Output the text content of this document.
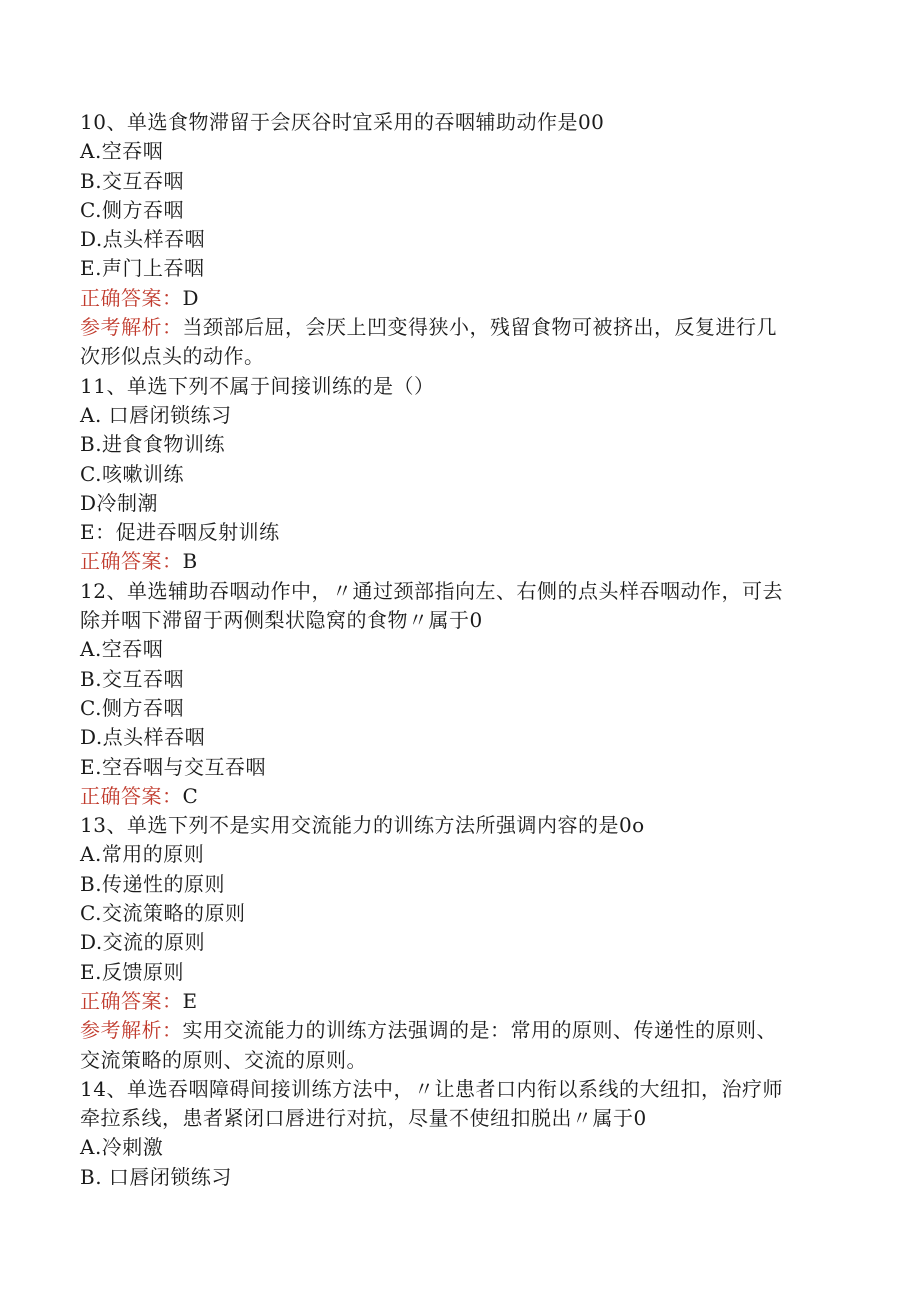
10、单选食物滞留于会厌谷时宜采用的吞咽辅助动作是00

A.空吞咽

B.交互吞咽

C.侧方吞咽

D.点头样吞咽

E.声门上吞咽

正确答案：D

参考解析：当颈部后屈，会厌上凹变得狭小，残留食物可被挤出，反复进行几

次形似点头的动作。

11、单选下列不属于间接训练的是（）

A. 口唇闭锁练习

B.进食食物训练

C.咳嗽训练

D冷制潮

E：促进吞咽反射训练

正确答案：B

12、单选辅助吞咽动作中，〃通过颈部指向左、右侧的点头样吞咽动作，可去

除并咽下滞留于两侧梨状隐窝的食物〃属于0

A.空吞咽

B.交互吞咽

C.侧方吞咽

D.点头样吞咽

E.空吞咽与交互吞咽

正确答案：C

13、单选下列不是实用交流能力的训练方法所强调内容的是0o

A.常用的原则

B.传递性的原则

C.交流策略的原则

D.交流的原则

E.反馈原则

正确答案：E

参考解析：实用交流能力的训练方法强调的是：常用的原则、传递性的原则、

交流策略的原则、交流的原则。

14、单选吞咽障碍间接训练方法中，〃让患者口内衔以系线的大纽扣，治疗师

牵拉系线，患者紧闭口唇进行对抗，尽量不使纽扣脱出〃属于0

A.冷刺激

B. 口唇闭锁练习
